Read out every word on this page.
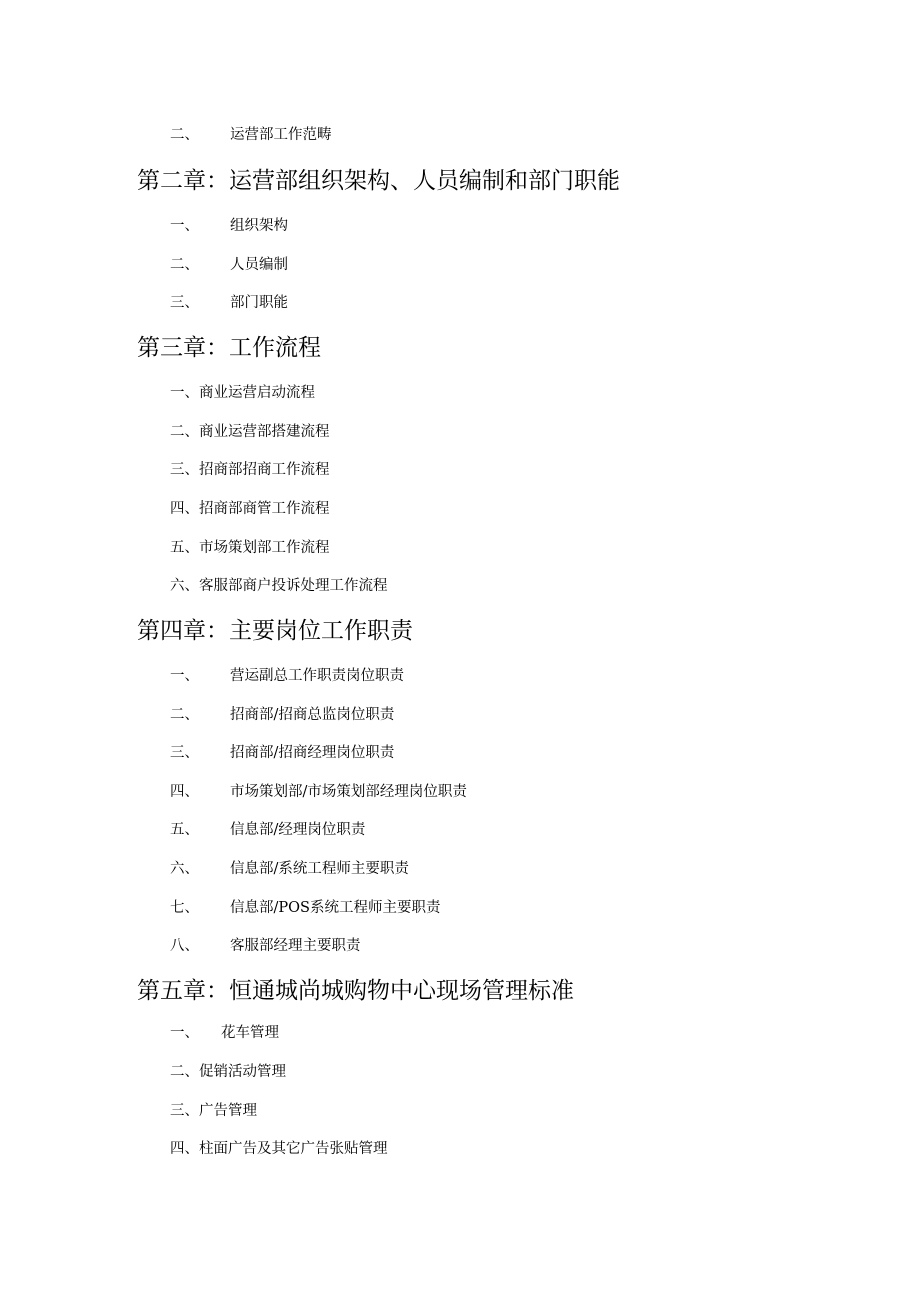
二、 运营部工作范畴
第二章：运营部组织架构、人员编制和部门职能
一、 组织架构
二、 人员编制
三、 部门职能
第三章：工作流程
一、商业运营启动流程
二、商业运营部搭建流程
三、招商部招商工作流程
四、招商部商管工作流程
五、市场策划部工作流程
六、客服部商户投诉处理工作流程
第四章：主要岗位工作职责
一、 营运副总工作职责岗位职责
二、 招商部/招商总监岗位职责
三、 招商部/招商经理岗位职责
四、 市场策划部/市场策划部经理岗位职责
五、 信息部/经理岗位职责
六、 信息部/系统工程师主要职责
七、 信息部/POS系统工程师主要职责
八、 客服部经理主要职责
第五章：恒通城尚城购物中心现场管理标准
一、 花车管理
二、促销活动管理
三、广告管理
四、柱面广告及其它广告张贴管理
